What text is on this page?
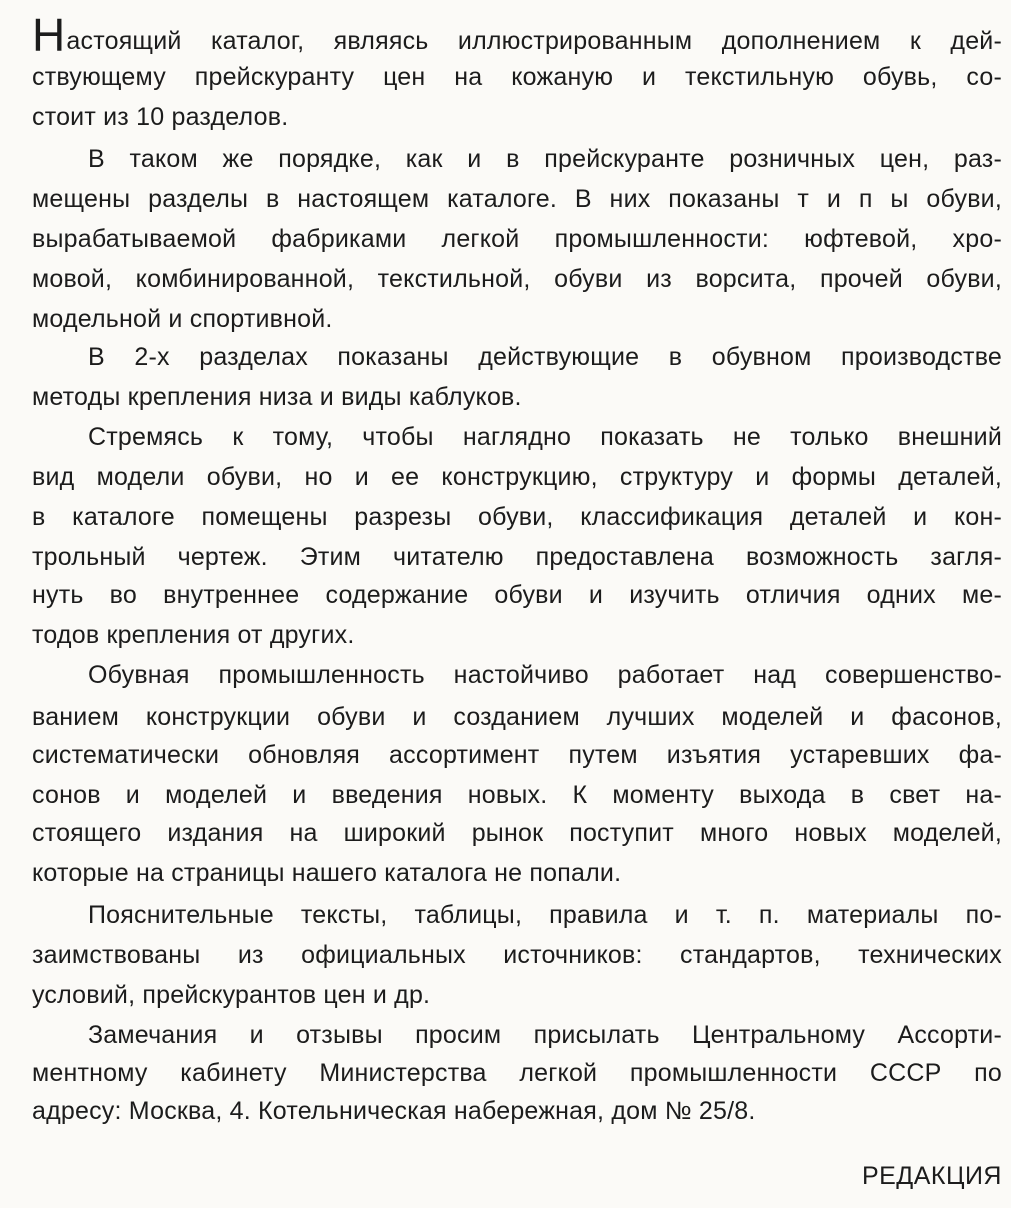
Настоящий каталог, являясь иллюстрированным дополнением к дей-
ствующему прейскуранту цен на кожаную и текстильную обувь, со-
стоит из 10 разделов.
В таком же порядке, как и в прейскуранте розничных цен, раз-
мещены разделы в настоящем каталоге. В них показаны т и п ы обуви,
вырабатываемой фабриками легкой промышленности: юфтевой, хро-
мовой, комбинированной, текстильной, обуви из ворсита, прочей обуви,
модельной и спортивной.
В 2-х разделах показаны действующие в обувном производстве
методы крепления низа и виды каблуков.
Стремясь к тому, чтобы наглядно показать не только внешний
вид модели обуви, но и ее конструкцию, структуру и формы деталей,
в каталоге помещены разрезы обуви, классификация деталей и кон-
трольный чертеж. Этим читателю предоставлена возможность загля-
нуть во внутреннее содержание обуви и изучить отличия одних ме-
тодов крепления от других.
Обувная промышленность настойчиво работает над совершенство-
ванием конструкции обуви и созданием лучших моделей и фасонов,
систематически обновляя ассортимент путем изъятия устаревших фа-
сонов и моделей и введения новых. К моменту выхода в свет на-
стоящего издания на широкий рынок поступит много новых моделей,
которые на страницы нашего каталога не попали.
Пояснительные тексты, таблицы, правила и т. п. материалы по-
заимствованы из официальных источников: стандартов, технических
условий, прейскурантов цен и др.
Замечания и отзывы просим присылать Центральному Ассорти-
ментному кабинету Министерства легкой промышленности СССР по
адресу: Москва, 4. Котельническая набережная, дом № 25/8.
РЕДАКЦИЯ
